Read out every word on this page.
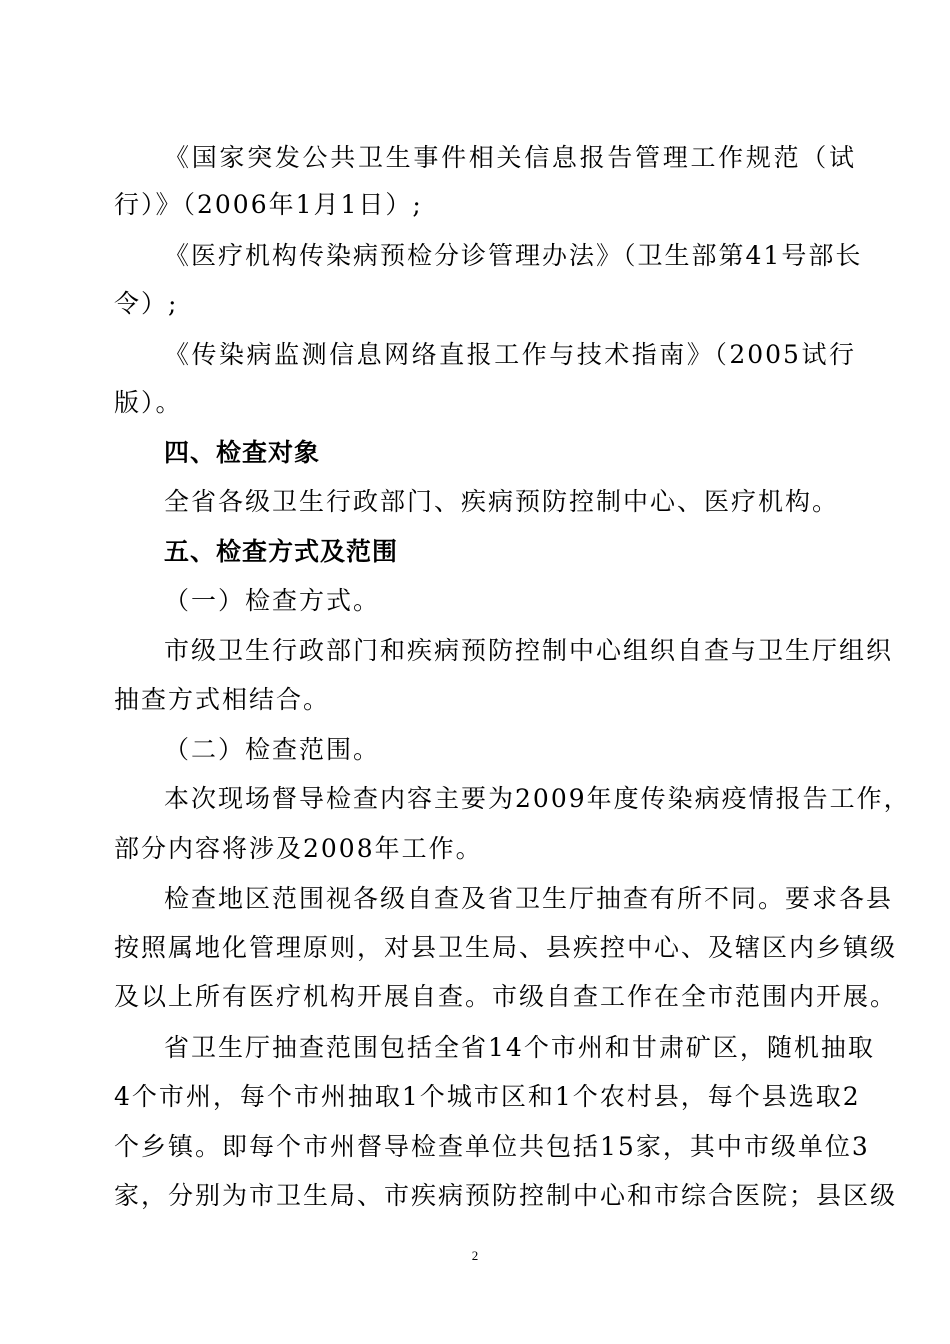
《国家突发公共卫生事件相关信息报告管理工作规范（试
行）》（2006年1月1日）;
《医疗机构传染病预检分诊管理办法》（卫生部第41号部长
令）;
《传染病监测信息网络直报工作与技术指南》（2005试行
版）。
四、检查对象
全省各级卫生行政部门、疾病预防控制中心、医疗机构。
五、检查方式及范围
（一）检查方式。
市级卫生行政部门和疾病预防控制中心组织自查与卫生厅组织
抽查方式相结合。
（二）检查范围。
本次现场督导检查内容主要为2009年度传染病疫情报告工作，
部分内容将涉及2008年工作。
检查地区范围视各级自查及省卫生厅抽查有所不同。要求各县
按照属地化管理原则，对县卫生局、县疾控中心、及辖区内乡镇级
及以上所有医疗机构开展自查。市级自查工作在全市范围内开展。
省卫生厅抽查范围包括全省14个市州和甘肃矿区，随机抽取
4个市州，每个市州抽取1个城市区和1个农村县，每个县选取2
个乡镇。即每个市州督导检查单位共包括15家，其中市级单位3
家，分别为市卫生局、市疾病预防控制中心和市综合医院；县区级
2
